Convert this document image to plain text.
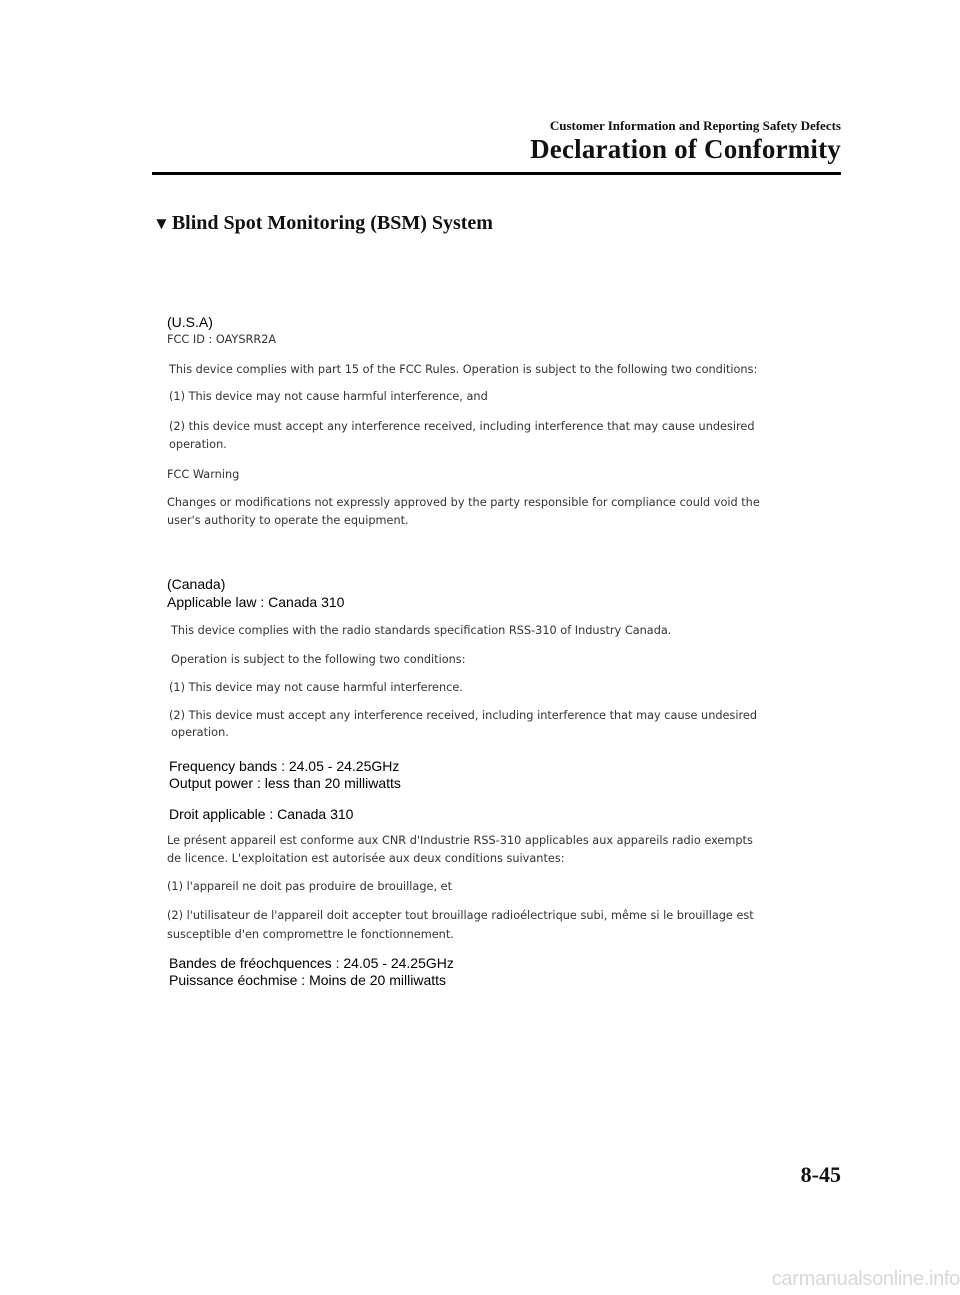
Customer Information and Reporting Safety Defects
Declaration of Conformity
▼ Blind Spot Monitoring (BSM) System
(U.S.A)
FCC ID : OAYSRR2A
This device complies with part 15 of the FCC Rules. Operation is subject to the following two conditions:
(1) This device may not cause harmful interference, and
(2) this device must accept any interference received, including interference that may cause undesired
operation.
FCC Warning
Changes or modifications not expressly approved by the party responsible for compliance could void the
user's authority to operate the equipment.
(Canada)
Applicable law : Canada 310
This device complies with the radio standards specification RSS-310 of Industry Canada.
Operation is subject to the following two conditions:
(1) This device may not cause harmful interference.
(2) This device must accept any interference received, including interference that may cause undesired
operation.
Frequency bands : 24.05 - 24.25GHz
Output power : less than 20 milliwatts
Droit applicable : Canada 310
Le présent appareil est conforme aux CNR d'Industrie RSS-310 applicables aux appareils radio exempts
de licence. L'exploitation est autorisée aux deux conditions suivantes:
(1) l'appareil ne doit pas produire de brouillage, et
(2) l'utilisateur de l'appareil doit accepter tout brouillage radioélectrique subi, même si le brouillage est
susceptible d'en compromettre le fonctionnement.
Bandes de fréochquences : 24.05 - 24.25GHz
Puissance éochmise : Moins de 20 milliwatts
8-45
carmanualsonline.info
